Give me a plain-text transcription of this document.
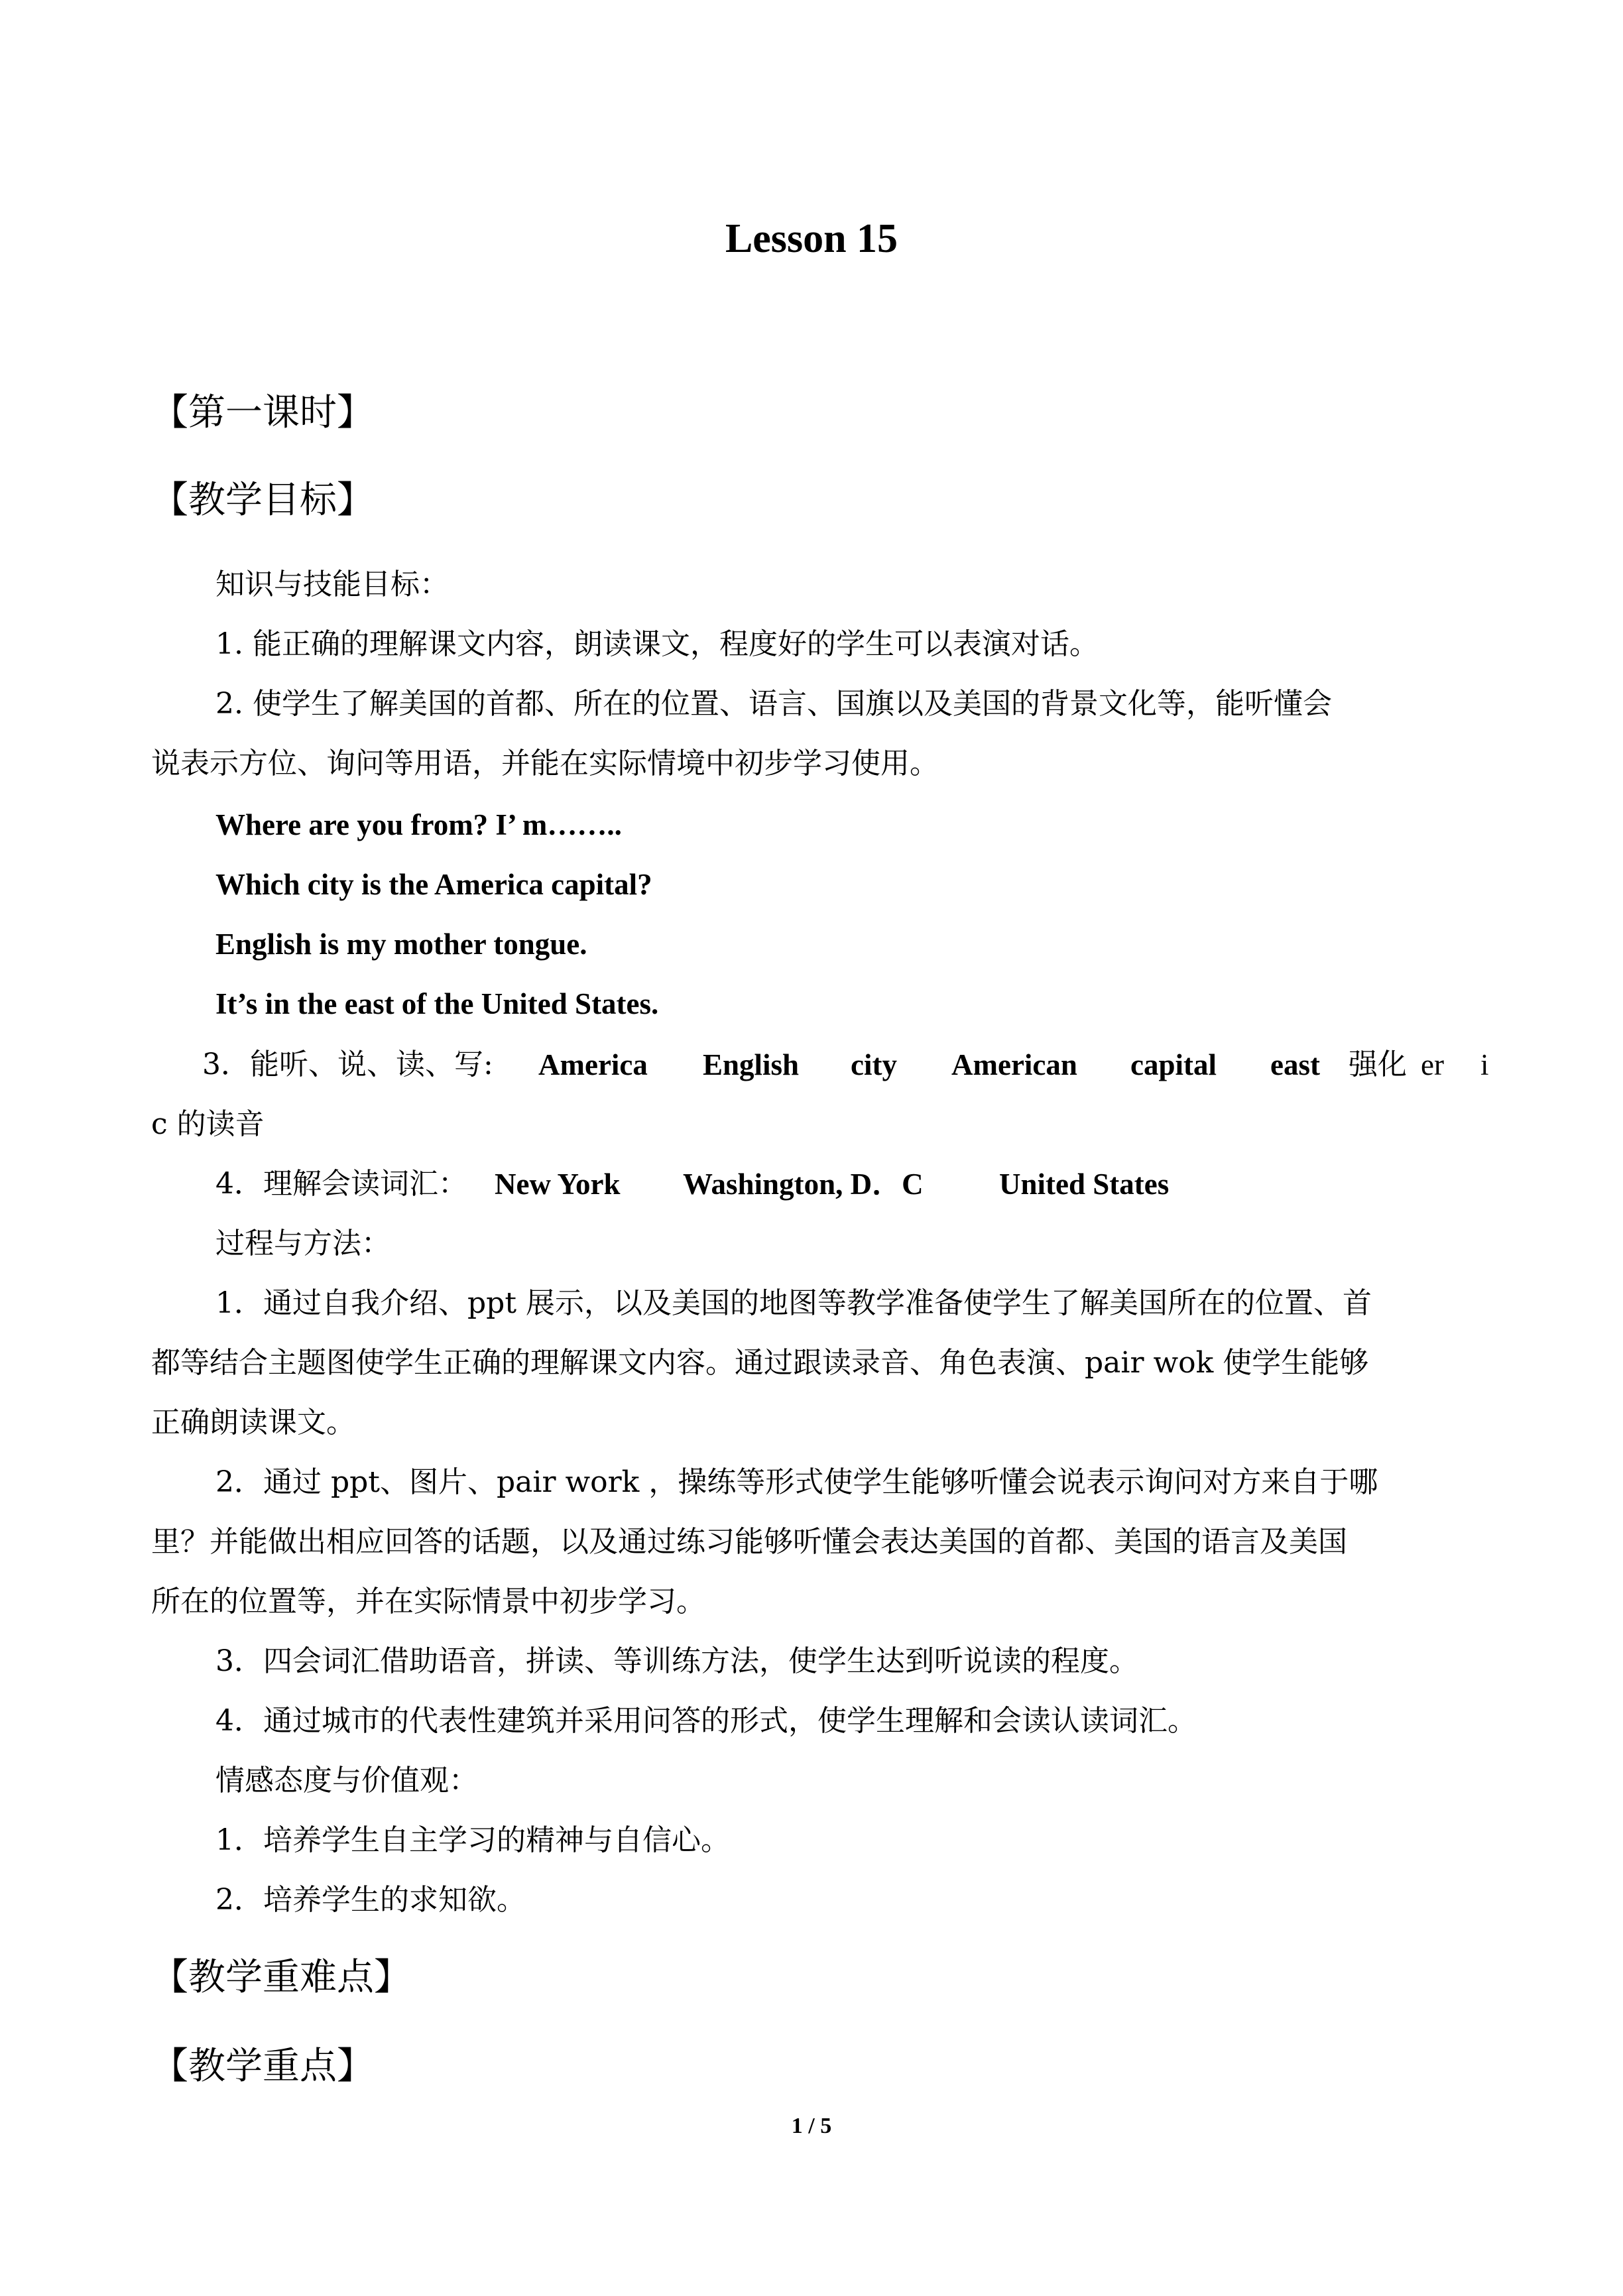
Lesson 15
【第一课时】
【教学目标】
知识与技能目标：
1. 能正确的理解课文内容，朗读课文，程度好的学生可以表演对话。
2. 使学生了解美国的首都、所在的位置、语言、国旗以及美国的背景文化等，能听懂会
说表示方位、询问等用语，并能在实际情境中初步学习使用。
Where are you from? I’ m……..
Which city is the America capital?
English is my mother tongue.
It’s in the east of the United States.
3．能听、说、读、写: America English city American capital east 强化 er i
c 的读音
4．理解会读词汇： New York Washington, D．C	United States
过程与方法：
1．通过自我介绍、ppt 展示，以及美国的地图等教学准备使学生了解美国所在的位置、首
都等结合主题图使学生正确的理解课文内容。通过跟读录音、角色表演、pair wok 使学生能够
正确朗读课文。
2．通过 ppt、图片、pair work ，操练等形式使学生能够听懂会说表示询问对方来自于哪
里？并能做出相应回答的话题，以及通过练习能够听懂会表达美国的首都、美国的语言及美国
所在的位置等，并在实际情景中初步学习。
3．四会词汇借助语音，拼读、等训练方法，使学生达到听说读的程度。
4．通过城市的代表性建筑并采用问答的形式，使学生理解和会读认读词汇。
情感态度与价值观：
1．培养学生自主学习的精神与自信心。
2．培养学生的求知欲。
【教学重难点】
【教学重点】
1 / 5
